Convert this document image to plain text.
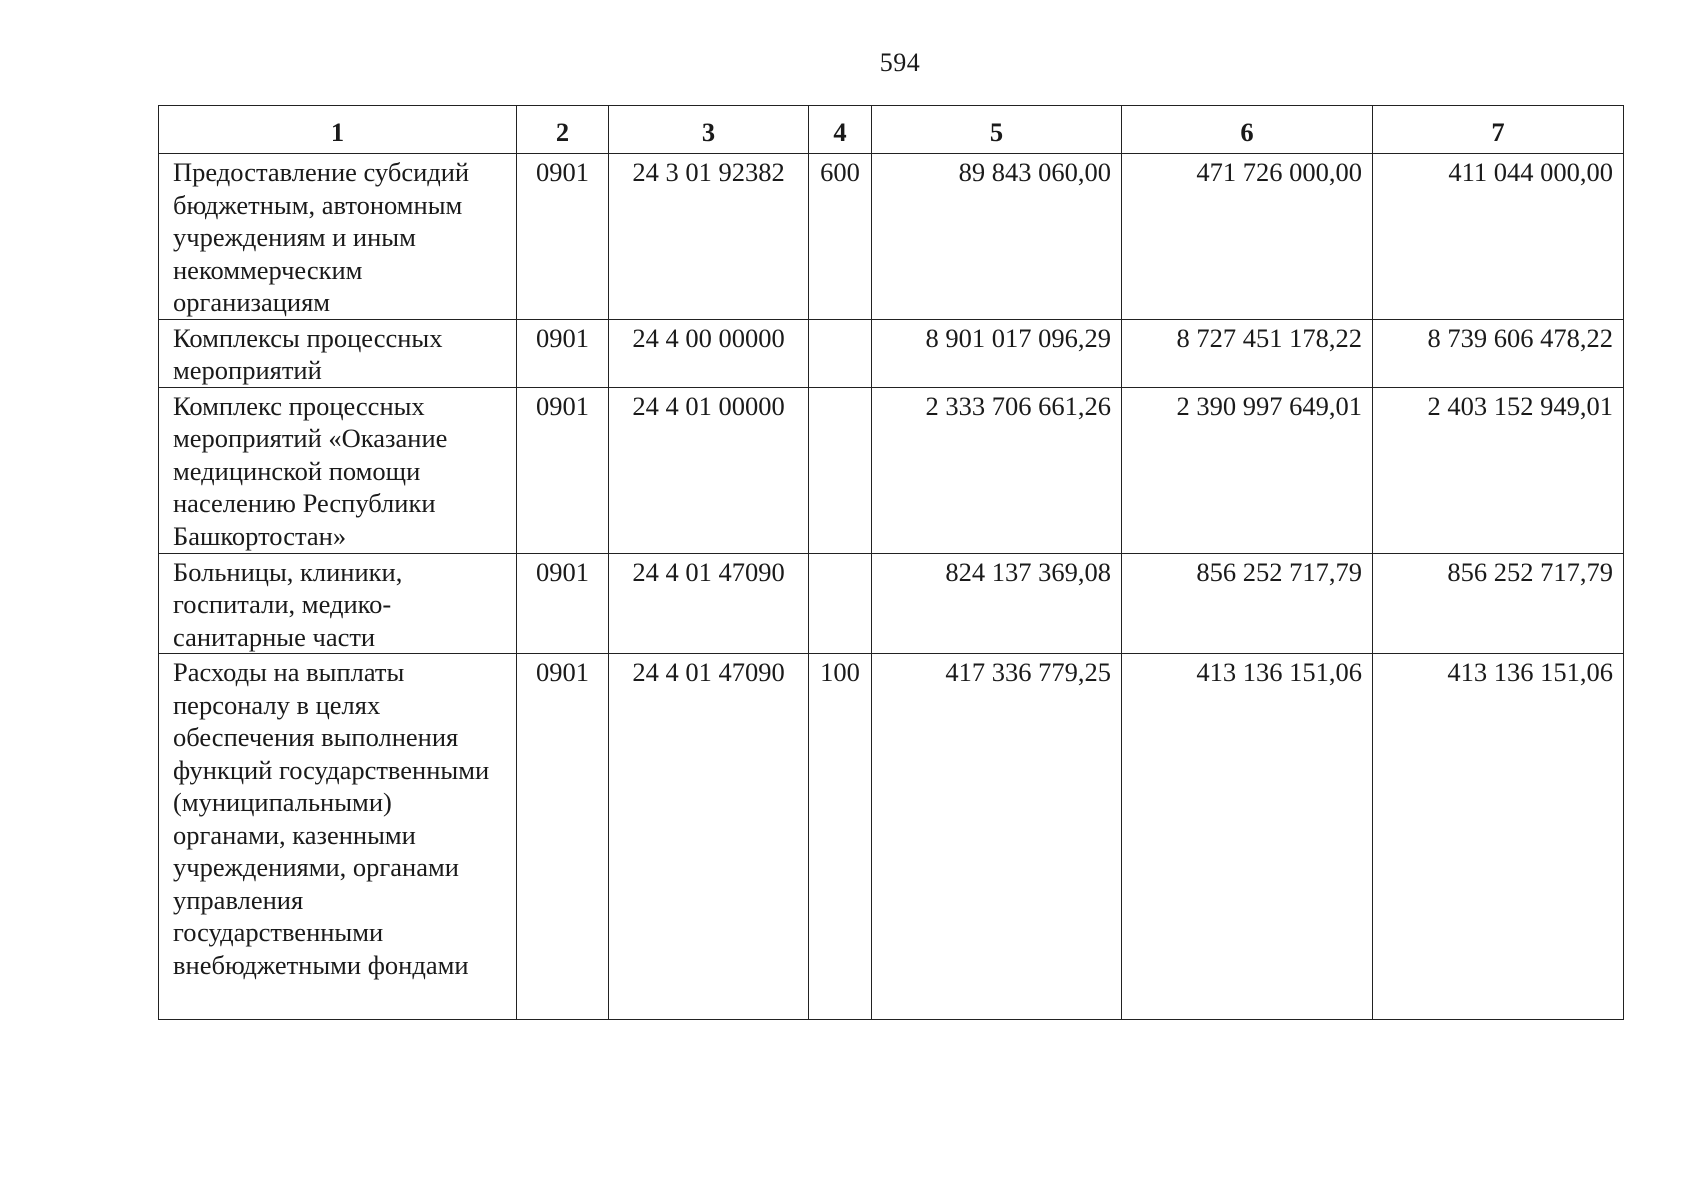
594
1	2	3	4	5	6	7
Предоставление субсидий бюджетным, автономным учреждениям и иным некоммерческим организациям	0901	24 3 01 92382	600	89 843 060,00	471 726 000,00	411 044 000,00
Комплексы процессных мероприятий	0901	24 4 00 00000		8 901 017 096,29	8 727 451 178,22	8 739 606 478,22
Комплекс процессных мероприятий «Оказание медицинской помощи населению Республики Башкортостан»	0901	24 4 01 00000		2 333 706 661,26	2 390 997 649,01	2 403 152 949,01
Больницы, клиники, госпитали, медико-санитарные части	0901	24 4 01 47090		824 137 369,08	856 252 717,79	856 252 717,79
Расходы на выплаты персоналу в целях обеспечения выполнения функций государственными (муниципальными) органами, казенными учреждениями, органами управления государственными внебюджетными фондами	0901	24 4 01 47090	100	417 336 779,25	413 136 151,06	413 136 151,06
